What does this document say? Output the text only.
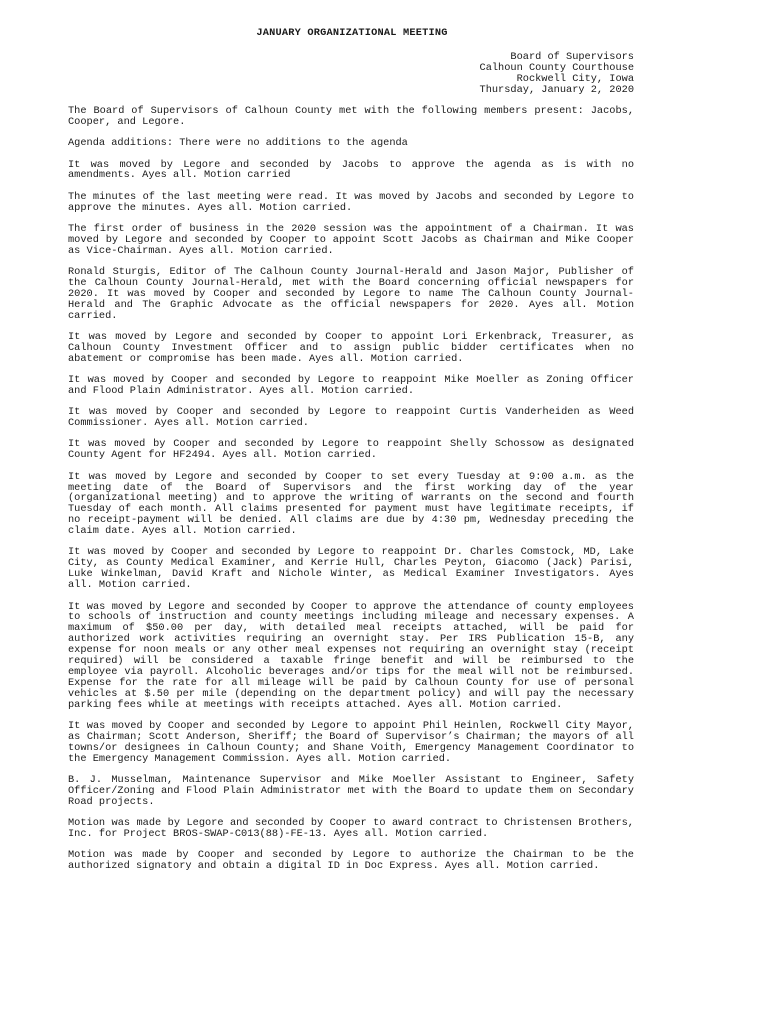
JANUARY ORGANIZATIONAL MEETING
Board of Supervisors
Calhoun County Courthouse
Rockwell City, Iowa
Thursday, January 2, 2020

The Board of Supervisors of Calhoun County met with the following members present: Jacobs, Cooper, and Legore.

Agenda additions: There were no additions to the agenda

It was moved by Legore and seconded by Jacobs to approve the agenda as is with no amendments. Ayes all. Motion carried

The minutes of the last meeting were read. It was moved by Jacobs and seconded by Legore to approve the minutes. Ayes all. Motion carried.

The first order of business in the 2020 session was the appointment of a Chairman. It was moved by Legore and seconded by Cooper to appoint Scott Jacobs as Chairman and Mike Cooper as Vice-Chairman. Ayes all. Motion carried.

Ronald Sturgis, Editor of The Calhoun County Journal-Herald and Jason Major, Publisher of the Calhoun County Journal-Herald, met with the Board concerning official newspapers for 2020. It was moved by Cooper and seconded by Legore to name The Calhoun County Journal-Herald and The Graphic Advocate as the official newspapers for 2020. Ayes all. Motion carried.

It was moved by Legore and seconded by Cooper to appoint Lori Erkenbrack, Treasurer, as Calhoun County Investment Officer and to assign public bidder certificates when no abatement or compromise has been made. Ayes all. Motion carried.

It was moved by Cooper and seconded by Legore to reappoint Mike Moeller as Zoning Officer and Flood Plain Administrator. Ayes all. Motion carried.

It was moved by Cooper and seconded by Legore to reappoint Curtis Vanderheiden as Weed Commissioner. Ayes all. Motion carried.

It was moved by Cooper and seconded by Legore to reappoint Shelly Schossow as designated County Agent for HF2494. Ayes all. Motion carried.

It was moved by Legore and seconded by Cooper to set every Tuesday at 9:00 a.m. as the meeting date of the Board of Supervisors and the first working day of the year (organizational meeting) and to approve the writing of warrants on the second and fourth Tuesday of each month. All claims presented for payment must have legitimate receipts, if no receipt-payment will be denied. All claims are due by 4:30 pm, Wednesday preceding the claim date. Ayes all. Motion carried.

It was moved by Cooper and seconded by Legore to reappoint Dr. Charles Comstock, MD, Lake City, as County Medical Examiner, and Kerrie Hull, Charles Peyton, Giacomo (Jack) Parisi, Luke Winkelman, David Kraft and Nichole Winter, as Medical Examiner Investigators. Ayes all. Motion carried.

It was moved by Legore and seconded by Cooper to approve the attendance of county employees to schools of instruction and county meetings including mileage and necessary expenses. A maximum of $50.00 per day, with detailed meal receipts attached, will be paid for authorized work activities requiring an overnight stay. Per IRS Publication 15-B, any expense for noon meals or any other meal expenses not requiring an overnight stay (receipt required) will be considered a taxable fringe benefit and will be reimbursed to the employee via payroll. Alcoholic beverages and/or tips for the meal will not be reimbursed. Expense for the rate for all mileage will be paid by Calhoun County for use of personal vehicles at $.50 per mile (depending on the department policy) and will pay the necessary parking fees while at meetings with receipts attached. Ayes all. Motion carried.

It was moved by Cooper and seconded by Legore to appoint Phil Heinlen, Rockwell City Mayor, as Chairman; Scott Anderson, Sheriff; the Board of Supervisor’s Chairman; the mayors of all towns/or designees in Calhoun County; and Shane Voith, Emergency Management Coordinator to the Emergency Management Commission. Ayes all. Motion carried.

B. J. Musselman, Maintenance Supervisor and Mike Moeller Assistant to Engineer, Safety Officer/Zoning and Flood Plain Administrator met with the Board to update them on Secondary Road projects.

Motion was made by Legore and seconded by Cooper to award contract to Christensen Brothers, Inc. for Project BROS-SWAP-C013(88)-FE-13. Ayes all. Motion carried.

Motion was made by Cooper and seconded by Legore to authorize the Chairman to be the authorized signatory and obtain a digital ID in Doc Express. Ayes all. Motion carried.
